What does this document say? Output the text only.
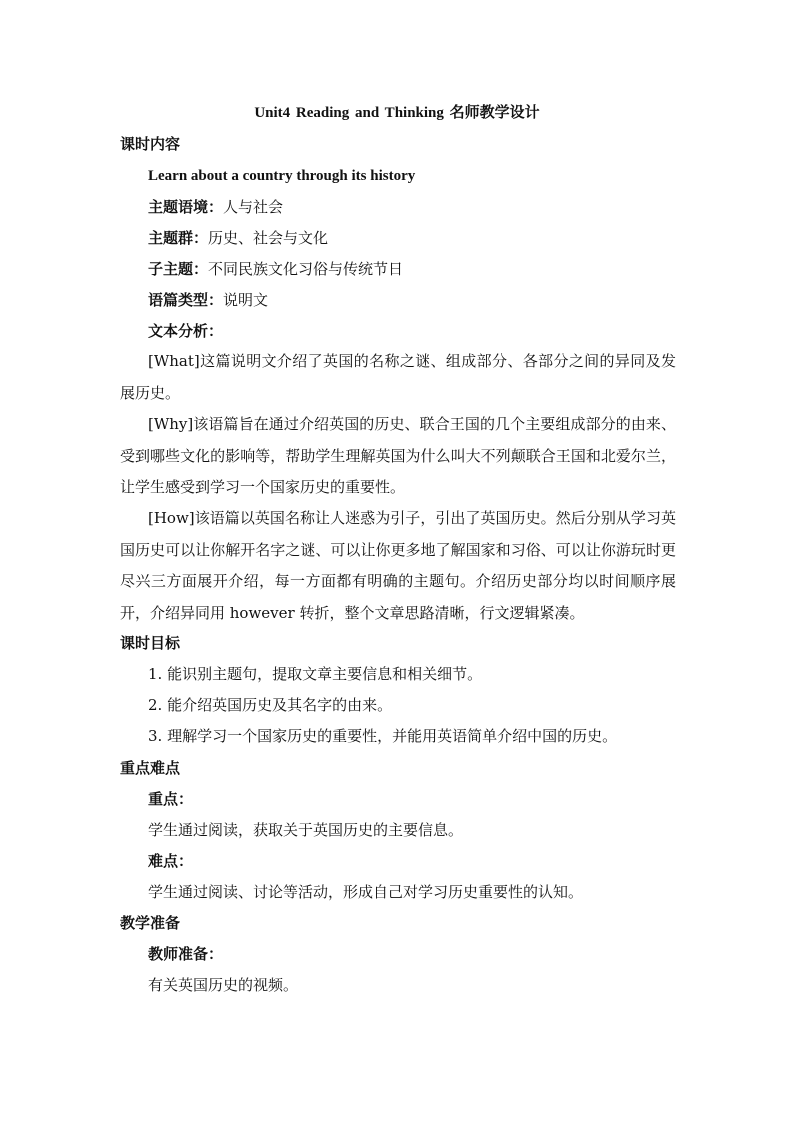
Unit4 Reading and Thinking 名师教学设计
课时内容
Learn about a country through its history
主题语境：人与社会
主题群：历史、社会与文化
子主题：不同民族文化习俗与传统节日
语篇类型：说明文
文本分析：
[What]这篇说明文介绍了英国的名称之谜、组成部分、各部分之间的异同及发展历史。
[Why]该语篇旨在通过介绍英国的历史、联合王国的几个主要组成部分的由来、受到哪些文化的影响等，帮助学生理解英国为什么叫大不列颠联合王国和北爱尔兰，让学生感受到学习一个国家历史的重要性。
[How]该语篇以英国名称让人迷惑为引子，引出了英国历史。然后分别从学习英国历史可以让你解开名字之谜、可以让你更多地了解国家和习俗、可以让你游玩时更尽兴三方面展开介绍，每一方面都有明确的主题句。介绍历史部分均以时间顺序展开，介绍异同用 however 转折，整个文章思路清晰，行文逻辑紧凑。
课时目标
1. 能识别主题句，提取文章主要信息和相关细节。
2. 能介绍英国历史及其名字的由来。
3. 理解学习一个国家历史的重要性，并能用英语简单介绍中国的历史。
重点难点
重点：
学生通过阅读，获取关于英国历史的主要信息。
难点：
学生通过阅读、讨论等活动，形成自己对学习历史重要性的认知。
教学准备
教师准备：
有关英国历史的视频。
